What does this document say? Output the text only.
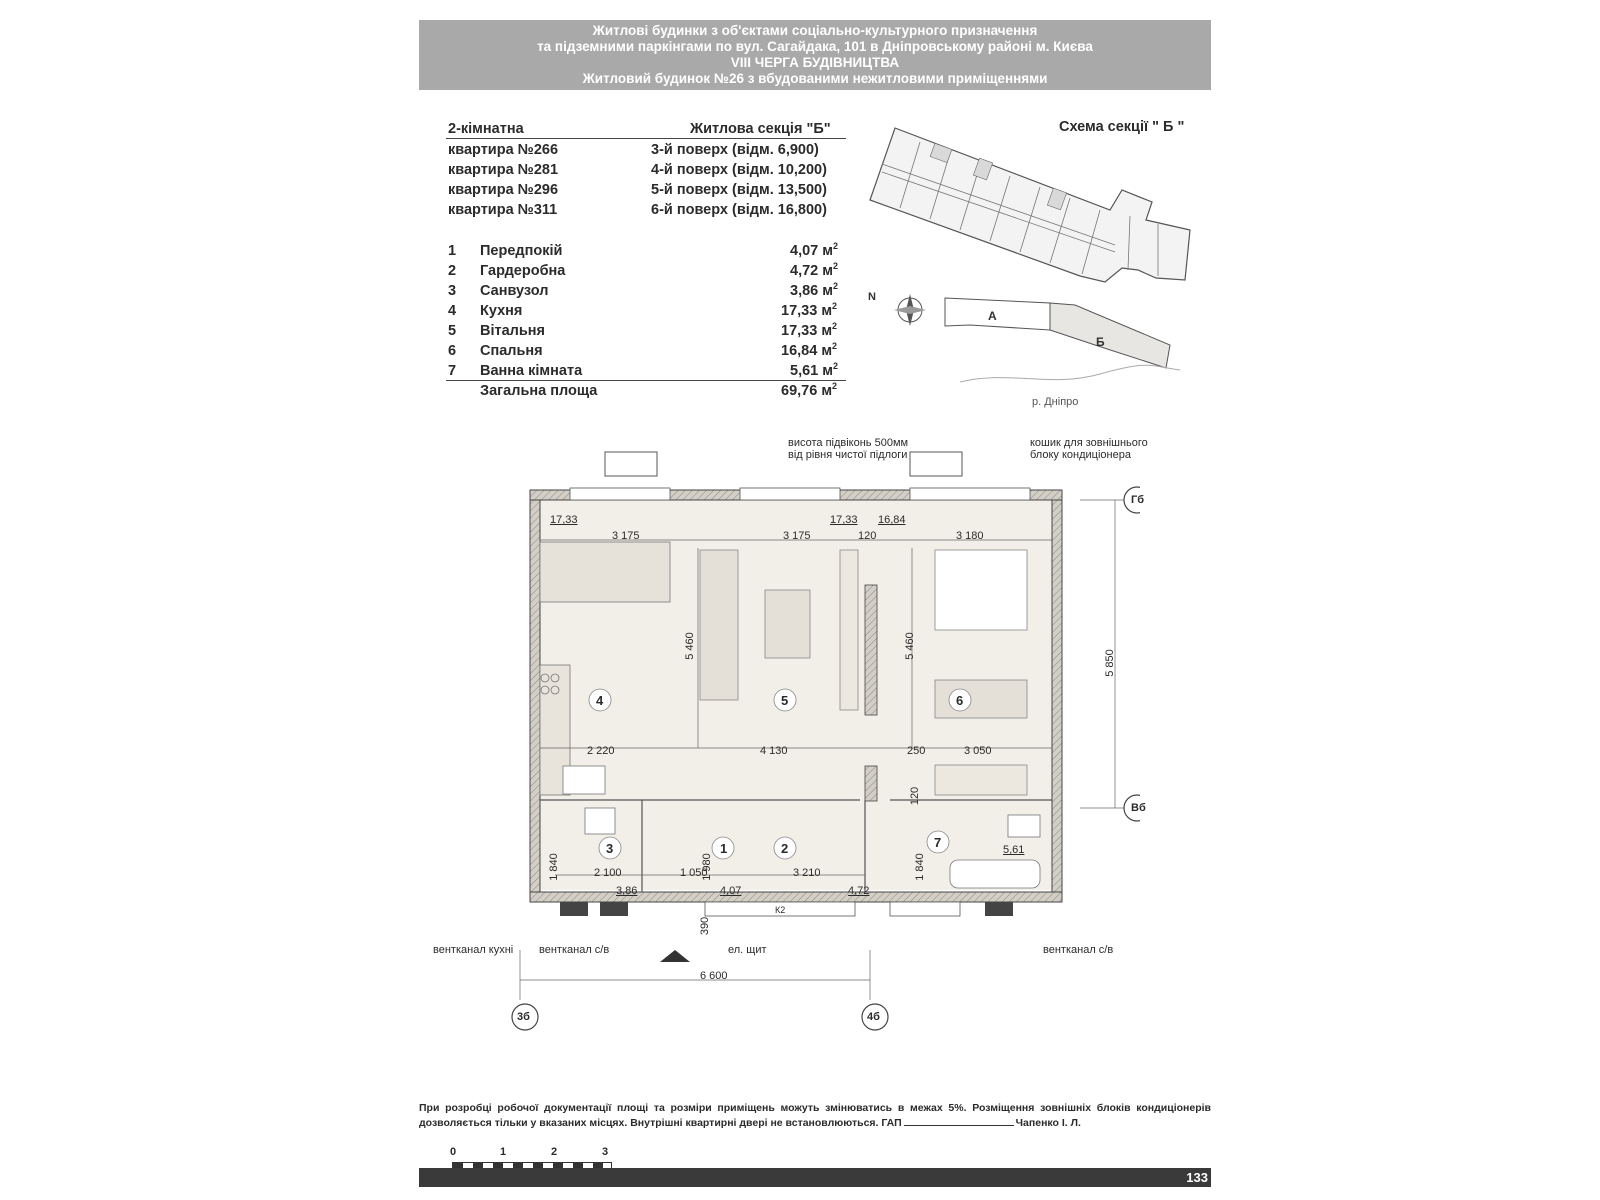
Житлові будинки з об'єктами соціально-культурного призначення
та підземними паркінгами по вул. Сагайдака, 101 в Дніпровському районі м. Києва
VIII ЧЕРГА БУДІВНИЦТВА
Житловий будинок №26 з вбудованими нежитловими приміщеннями
2-кімнатна	Житлова секція "Б"
квартира №266	3-й поверх (відм. 6,900)
квартира №281	4-й поверх (відм. 10,200)
квартира №296	5-й поверх (відм. 13,500)
квартира №311	6-й поверх (відм. 16,800)
1 Передпокій	4,07 $м^2$
2 Гардеробна	4,72 $м^2$
3 Санвузол	3,86 $м^2$
4 Кухня	17,33 $м^2$
5 Вітальня	17,33 $м^2$
6 Спальня	16,84 $м^2$
7 Ванна кімната	5,61 $м^2$
Загальна площа	69,76 $м^2$
Схема секції " Б "
N
А
Б
р. Дніпро
висота підвіконь 500мм
від рівня чистої підлоги
кошик для зовнішнього
блоку кондиціонера
Гб
Вб
3б	4б
1	2
3
4	5	6
7
17,33	17,33 16,84
5,61
3,86	4,07	4,72
3 175	3 175	120	3 180
5 460	5 460
5 850
2 220	4 130	250	3 050
120
1 840	1 980	1 840
2 100	1 050	3 210
390
6 600
вентканал кухні вентканал с/в	вентканал с/в
ел. щит
К2
При розробці робочої документації площі та розміри приміщень можуть змінюватись в межах 5%. Розміщення зовнішніх блоків кондиціонерів дозволяється тільки у вказаних місцях. Внутрішні квартирні двері не встановлюються. ГАП	Чапенко І. Л.
0	1	2	3
133
